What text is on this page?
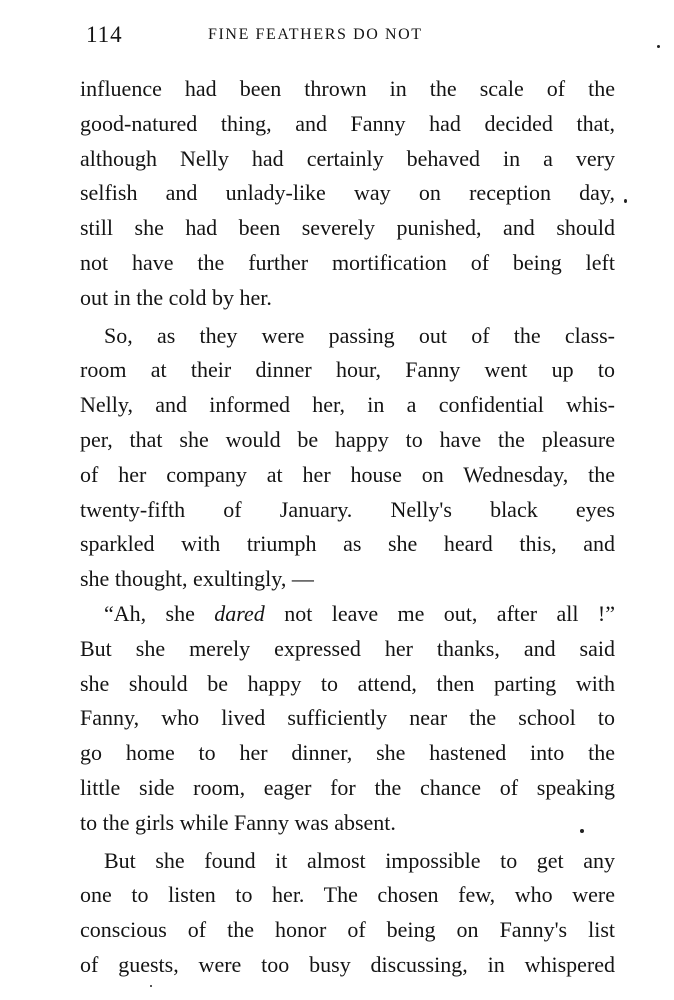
114	FINE FEATHERS DO NOT
influence had been thrown in the scale of the
good-natured thing, and Fanny had decided that,
although Nelly had certainly behaved in a very
selfish and unlady-like way on reception day,
still she had been severely punished, and should
not have the further mortification of being left
out in the cold by her.
So, as they were passing out of the class-
room at their dinner hour, Fanny went up to
Nelly, and informed her, in a confidential whis-
per, that she would be happy to have the pleasure
of her company at her house on Wednesday, the
twenty-fifth of January. Nelly's black eyes
sparkled with triumph as she heard this, and
she thought, exultingly, —
“Ah, she dared not leave me out, after all !”
But she merely expressed her thanks, and said
she should be happy to attend, then parting with
Fanny, who lived sufficiently near the school to
go home to her dinner, she hastened into the
little side room, eager for the chance of speaking
to the girls while Fanny was absent.
But she found it almost impossible to get any
one to listen to her. The chosen few, who were
conscious of the honor of being on Fanny's list
of guests, were too busy discussing, in whispered
